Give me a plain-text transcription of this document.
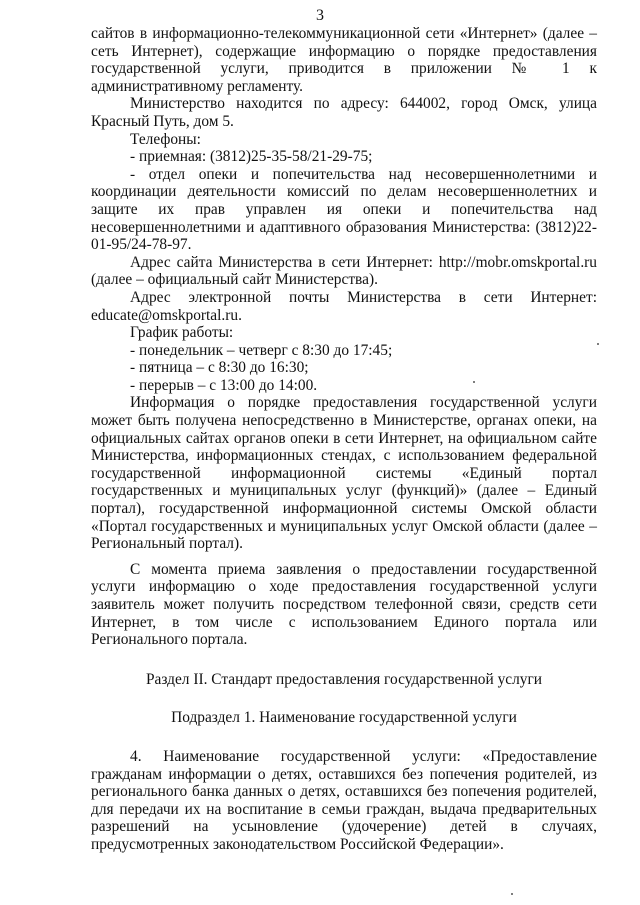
3

сайтов в информационно-телекоммуникационной сети «Интернет» (далее – сеть Интернет), содержащие информацию о порядке предоставления государственной услуги, приводится в приложении № 1 к административному регламенту.

Министерство находится по адресу: 644002, город Омск, улица Красный Путь, дом 5.

Телефоны:

- приемная: (3812)25-35-58/21-29-75;

- отдел опеки и попечительства над несовершеннолетними и координации деятельности комиссий по делам несовершеннолетних и защите их прав управлен ия опеки и попечительства над несовершеннолетними и адаптивного образования Министерства: (3812)22-01-95/24-78-97.

Адрес сайта Министерства в сети Интернет: http://mobr.omskportal.ru (далее – официальный сайт Министерства).

Адрес электронной почты Министерства в сети Интернет: educate@omskportal.ru.

График работы:

- понедельник – четверг с 8:30 до 17:45;

- пятница – с 8:30 до 16:30;

- перерыв – с 13:00 до 14:00.

Информация о порядке предоставления государственной услуги может быть получена непосредственно в Министерстве, органах опеки, на официальных сайтах органов опеки в сети Интернет, на официальном сайте Министерства, информационных стендах, с использованием федеральной государственной информационной системы «Единый портал государственных и муниципальных услуг (функций)» (далее – Единый портал), государственной информационной системы Омской области «Портал государственных и муниципальных услуг Омской области (далее – Региональный портал).

С момента приема заявления о предоставлении государственной услуги информацию о ходе предоставления государственной услуги заявитель может получить посредством телефонной связи, средств сети Интернет, в том числе с использованием Единого портала или Регионального портала.

Раздел II. Стандарт предоставления государственной услуги

Подраздел 1. Наименование государственной услуги

4. Наименование государственной услуги: «Предоставление гражданам информации о детях, оставшихся без попечения родителей, из регионального банка данных о детях, оставшихся без попечения родителей, для передачи их на воспитание в семьи граждан, выдача предварительных разрешений на усыновление (удочерение) детей в случаях, предусмотренных законодательством Российской Федерации».
